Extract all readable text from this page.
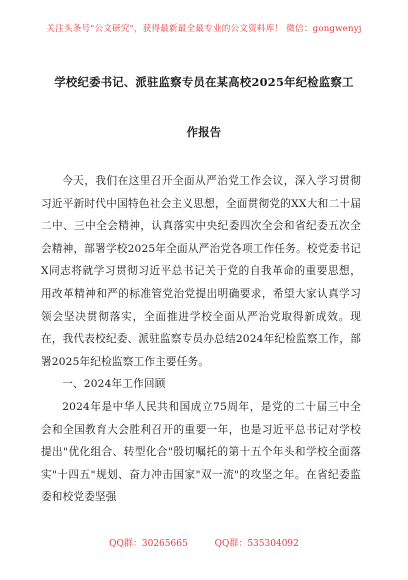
关注头条号"公文研究"，获得最新最全最专业的公文资料库！ 微信：gongwenyj
学校纪委书记、派驻监察专员在某高校2025年纪检监察工
作报告

今天，我们在这里召开全面从严治党工作会议，深入学习贯彻习近平新时代中国特色社会主义思想，全面贯彻党的XX大和二十届二中、三中全会精神，认真落实中央纪委四次全会和省纪委五次全会精神，部署学校2025年全面从严治党各项工作任务。校党委书记X同志将就学习贯彻习近平总书记关于党的自我革命的重要思想，用改革精神和严的标准管党治党提出明确要求，希望大家认真学习领会坚决贯彻落实，全面推进学校全面从严治党取得新成效。现在，我代表校纪委、派驻监察专员办总结2024年纪检监察工作，部署2025年纪检监察工作主要任务。

一、2024年工作回顾

2024年是中华人民共和国成立75周年，是党的二十届三中全会和全国教育大会胜利召开的重要一年，也是习近平总书记对学校提出"优化组合、转型化合"殷切嘱托的第十五个年头和学校全面落实"十四五"规划、奋力冲击国家"双一流"的攻坚之年。在省纪委监委和校党委坚强

QQ群：30265665	QQ群：535304092
